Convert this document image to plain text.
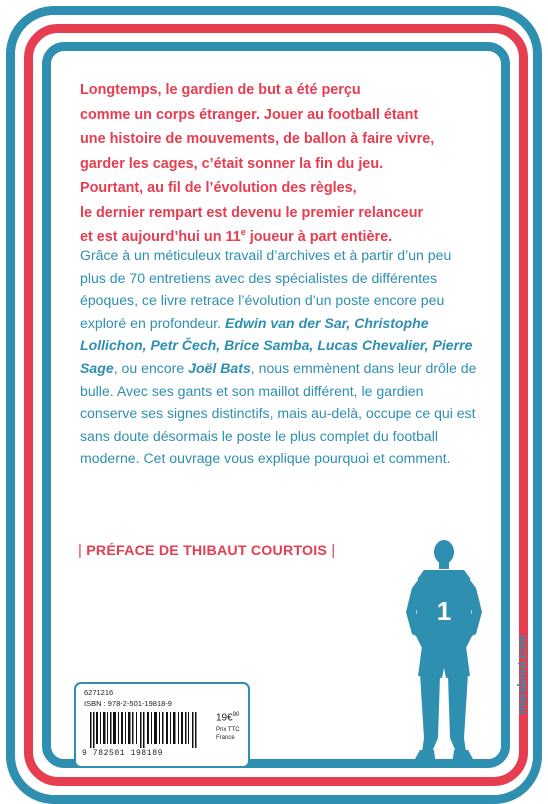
Longtemps, le gardien de but a été perçu
comme un corps étranger. Jouer au football étant
une histoire de mouvements, de ballon à faire vivre,
garder les cages, c’était sonner la fin du jeu.
Pourtant, au fil de l’évolution des règles,
le dernier rempart est devenu le premier relanceur
et est aujourd’hui un 11e joueur à part entière.

Grâce à un méticuleux travail d’archives et à partir d’un peu plus de 70 entretiens avec des spécialistes de différentes époques, ce livre retrace l’évolution d’un poste encore peu exploré en profondeur. Edwin van der Sar, Christophe Lollichon, Petr Čech, Brice Samba, Lucas Chevalier, Pierre Sage, ou encore Joël Bats, nous emmènent dans leur drôle de bulle. Avec ses gants et son maillot différent, le gardien conserve ses signes distinctifs, mais au-delà, occupe ce qui est sans doute désormais le poste le plus complet du football moderne. Cet ouvrage vous explique pourquoi et comment.

| PRÉFACE DE THIBAUT COURTOIS |
1
marabout.com
6271216
ISBN : 978-2-501-19818-9
9 782501 198189
19€$^{90}$
Prix TTC
France
